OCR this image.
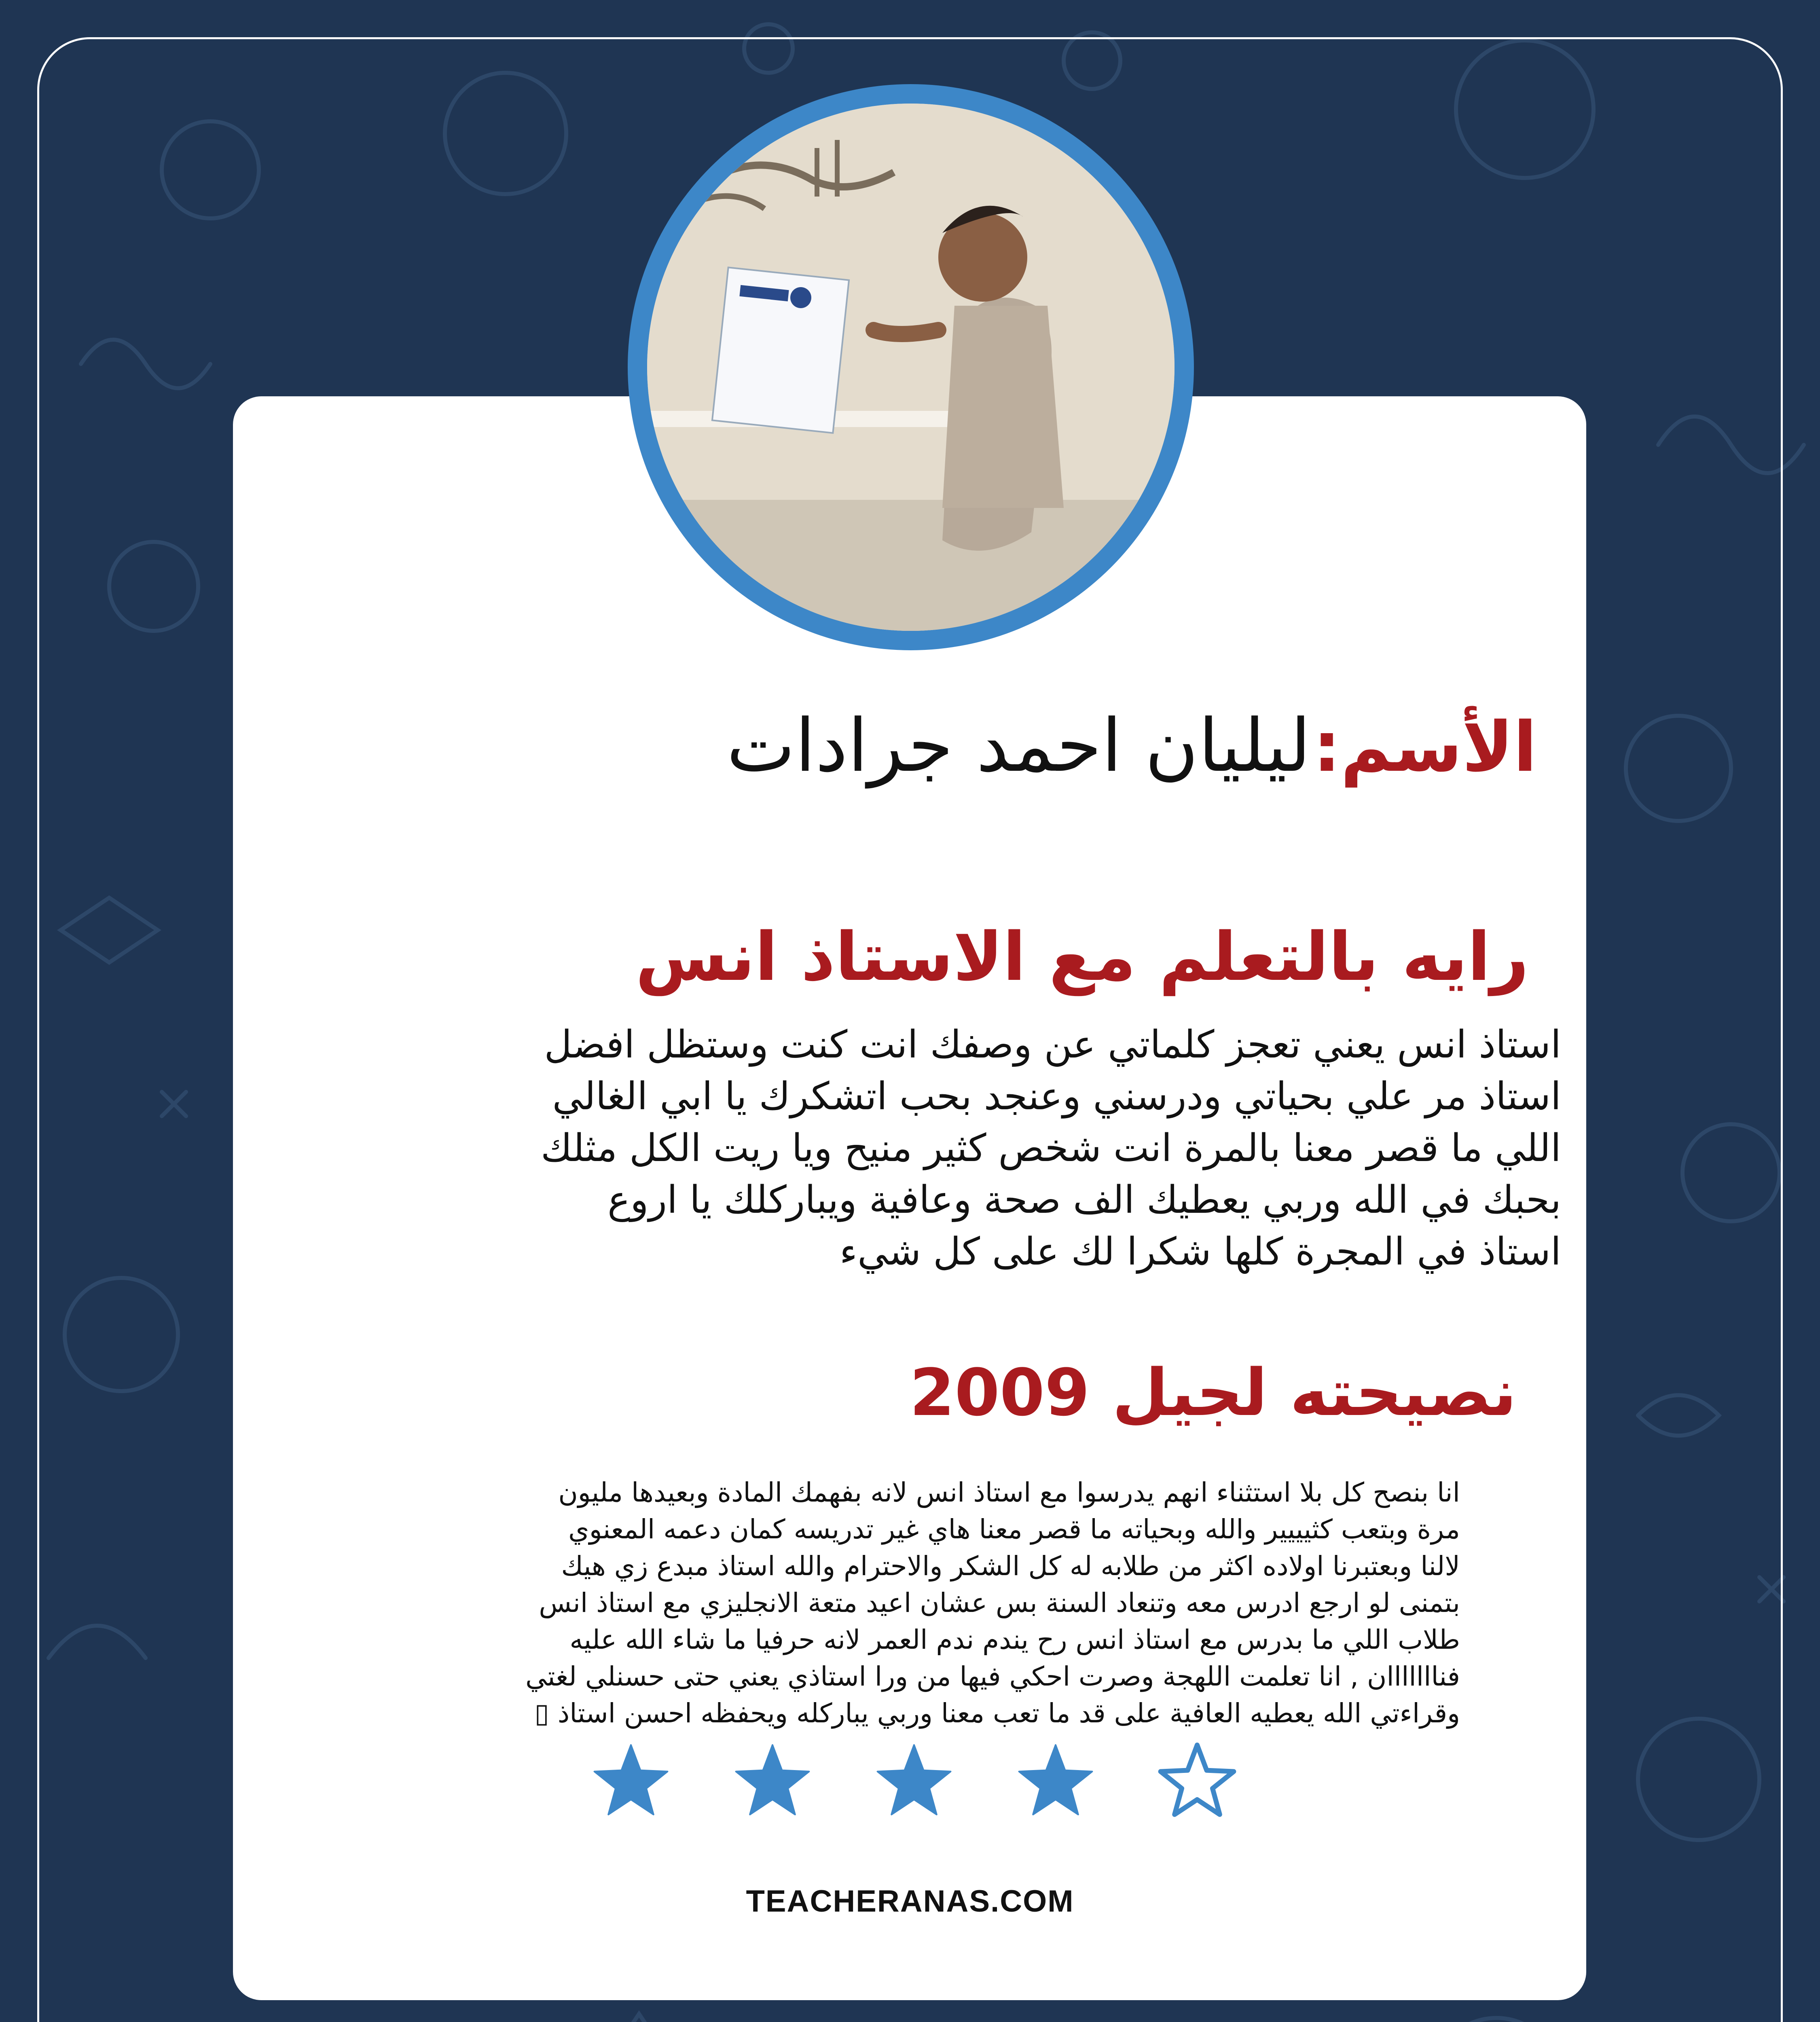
الأسم: ليليان احمد جرادات
رايه بالتعلم مع الاستاذ انس
استاذ انس يعني تعجز كلماتي عن وصفك انت كنت وستظل افضل
استاذ مر علي بحياتي ودرسني وعنجد بحب اتشكرك يا ابي الغالي
اللي ما قصر معنا بالمرة انت شخص كثير منيح ويا ريت الكل مثلك
بحبك في الله وربي يعطيك الف صحة وعافية ويباركلك يا اروع
استاذ في المجرة كلها شكرا لك على كل شيء
نصيحته لجيل 2009
انا بنصح كل بلا استثناء انهم يدرسوا مع استاذ انس لانه بفهمك المادة وبعيدها مليون
مرة وبتعب كثيييير والله وبحياته ما قصر معنا هاي غير تدريسه كمان دعمه المعنوي
لالنا وبعتبرنا اولاده اكثر من طلابه له كل الشكر والاحترام والله استاذ مبدع زي هيك
بتمنى لو ارجع ادرس معه وتنعاد السنة بس عشان اعيد متعة الانجليزي مع استاذ انس
طلاب اللي ما بدرس مع استاذ انس رح يندم ندم العمر لانه حرفيا ما شاء الله عليه
فنااااااان , انا تعلمت اللهجة وصرت احكي فيها من ورا استاذي يعني حتى حسنلي لغتي
وقراءتي الله يعطيه العافية على قد ما تعب معنا وربي يباركله ويحفظه احسن استاذ ▯
TEACHERANAS.COM
